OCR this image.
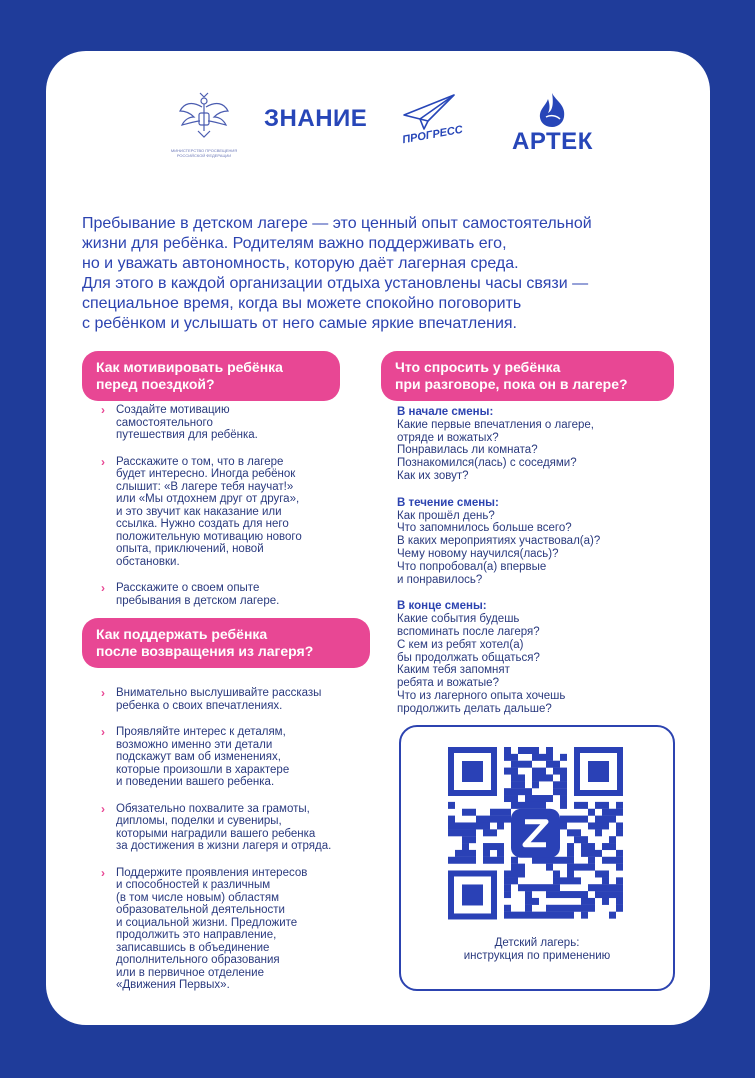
МИНИСТЕРСТВО ПРОСВЕЩЕНИЯ РОССИЙСКОЙ ФЕДЕРАЦИИ
ЗНАНИЕ
ПРОГРЕСС АРТЕК

Пребывание в детском лагере — это ценный опыт самостоятельной

жизни для ребёнка. Родителям важно поддерживать его,

но и уважать автономность, которую даёт лагерная среда.

Для этого в каждой организации отдыха установлены часы связи —

специальное время, когда вы можете спокойно поговорить

с ребёнком и услышать от него самые яркие впечатления.

Как мотивировать ребёнка
перед поездкой?
› Создайте мотивацию
самостоятельного
путешествия для ребёнка.
› Расскажите о том, что в лагере
будет интересно. Иногда ребёнок
слышит: «В лагере тебя научат!»
или «Мы отдохнем друг от друга»,
и это звучит как наказание или
ссылка. Нужно создать для него
положительную мотивацию нового
опыта, приключений, новой
обстановки.
› Расскажите о своем опыте
пребывания в детском лагере.
Что спросить у ребёнка
при разговоре, пока он в лагере?
В начале смены:
Какие первые впечатления о лагере,
отряде и вожатых?
Понравилась ли комната?
Познакомился(лась) с соседями?
Как их зовут?
В течение смены:
Как прошёл день?
Что запомнилось больше всего?
В каких мероприятиях участвовал(а)?
Чему новому научился(лась)?
Что попробовал(а) впервые
и понравилось?
В конце смены:
Какие события будешь
вспоминать после лагеря?
С кем из ребят хотел(а)
бы продолжать общаться?
Каким тебя запомнят
ребята и вожатые?
Что из лагерного опыта хочешь
продолжить делать дальше?
Как поддержать ребёнка
после возвращения из лагеря?
› Внимательно выслушивайте рассказы
ребенка о своих впечатлениях.
› Проявляйте интерес к деталям,
возможно именно эти детали
подскажут вам об изменениях,
которые произошли в характере
и поведении вашего ребенка.
› Обязательно похвалите за грамоты,
дипломы, поделки и сувениры,
которыми наградили вашего ребенка
за достижения в жизни лагеря и отряда.
› Поддержите проявления интересов
и способностей к различным
(в том числе новым) областям
образовательной деятельности
и социальной жизни. Предложите
продолжить это направление,
записавшись в объединение
дополнительного образования
или в первичное отделение
«Движения Первых».
Детский лагерь:
инструкция по применению
